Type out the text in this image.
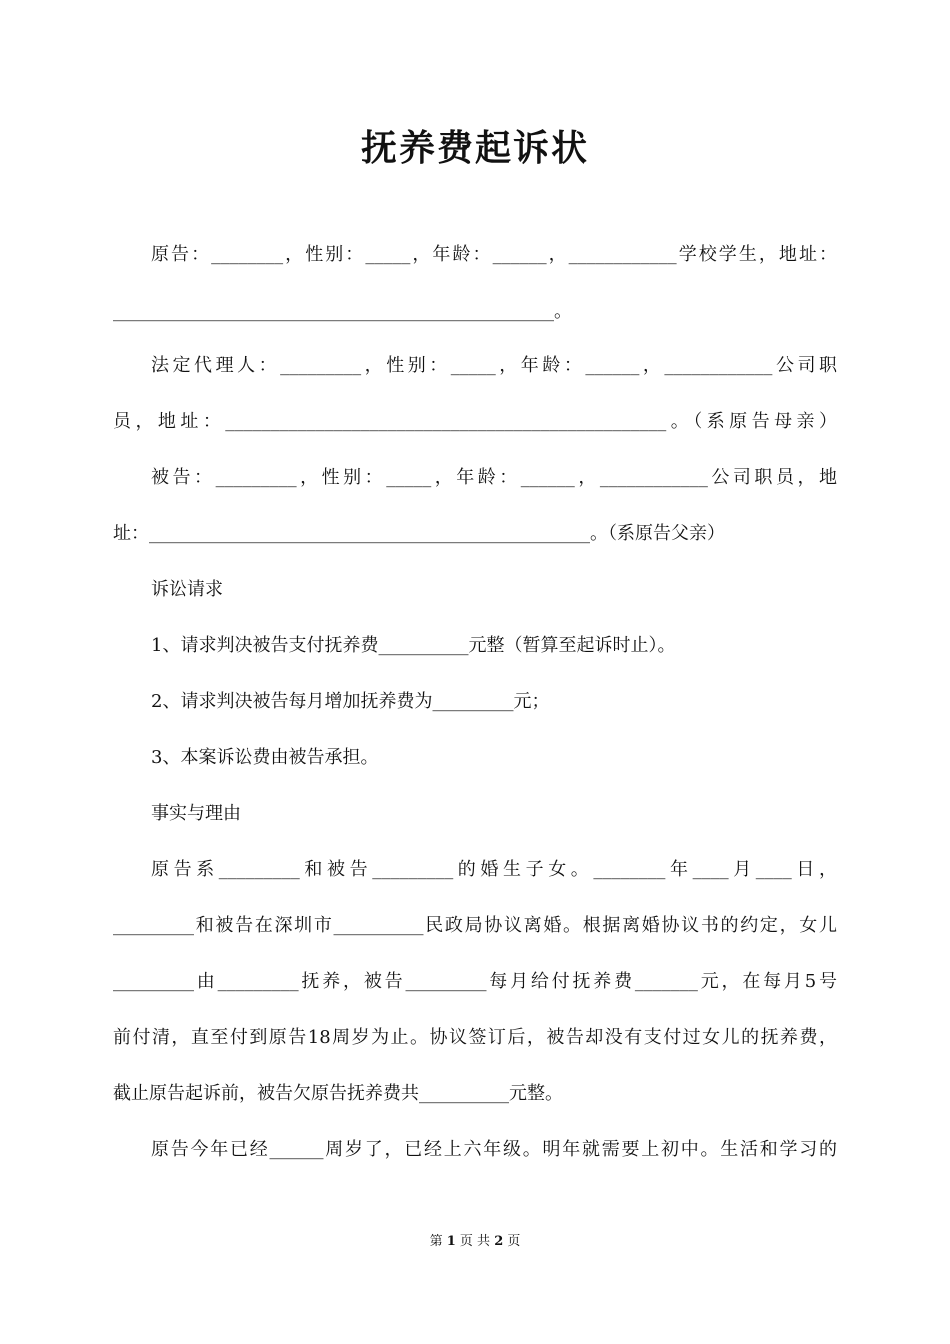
抚养费起诉状

原告：________，性别：_____，年龄：______，____________学校学生，地址：

_________________________________________________。

法定代理人：_________，性别：_____，年龄：______，____________公司职

员，地址：_________________________________________________。（系原告母亲）

被告：_________，性别：_____，年龄：______，____________公司职员，地

址：_________________________________________________。（系原告父亲）

诉讼请求

1、请求判决被告支付抚养费__________元整（暂算至起诉时止）。

2、请求判决被告每月增加抚养费为_________元；

3、本案诉讼费由被告承担。

事实与理由

原告系_________和被告_________的婚生子女。________年____月____日，

_________和被告在深圳市__________民政局协议离婚。根据离婚协议书的约定，女儿

_________由_________抚养，被告_________每月给付抚养费_______元，在每月5号

前付清，直至付到原告18周岁为止。协议签订后，被告却没有支付过女儿的抚养费，

截止原告起诉前，被告欠原告抚养费共__________元整。

原告今年已经______周岁了，已经上六年级。明年就需要上初中。生活和学习的

第 1 页 共 2 页
